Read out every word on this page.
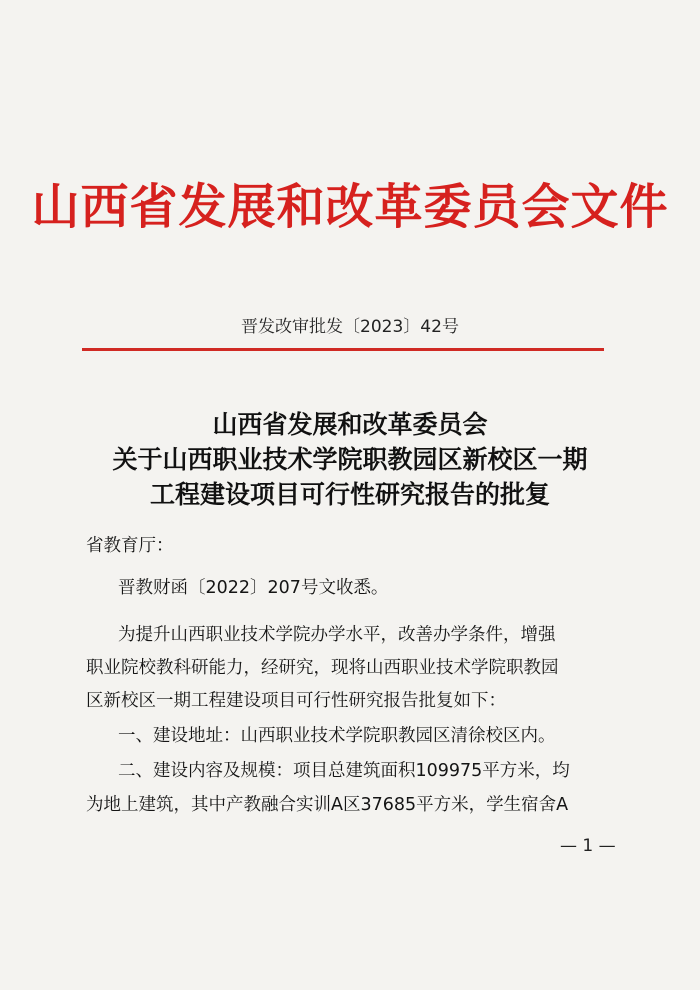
山西省发展和改革委员会文件
晋发改审批发〔2023〕42号
山西省发展和改革委员会
关于山西职业技术学院职教园区新校区一期
工程建设项目可行性研究报告的批复
省教育厅：
晋教财函〔2022〕207号文收悉。
为提升山西职业技术学院办学水平，改善办学条件，增强
职业院校教科研能力，经研究，现将山西职业技术学院职教园
区新校区一期工程建设项目可行性研究报告批复如下：
一、建设地址：山西职业技术学院职教园区清徐校区内。
二、建设内容及规模：项目总建筑面积109975平方米，均
为地上建筑，其中产教融合实训A区37685平方米，学生宿舍A
— 1 —
